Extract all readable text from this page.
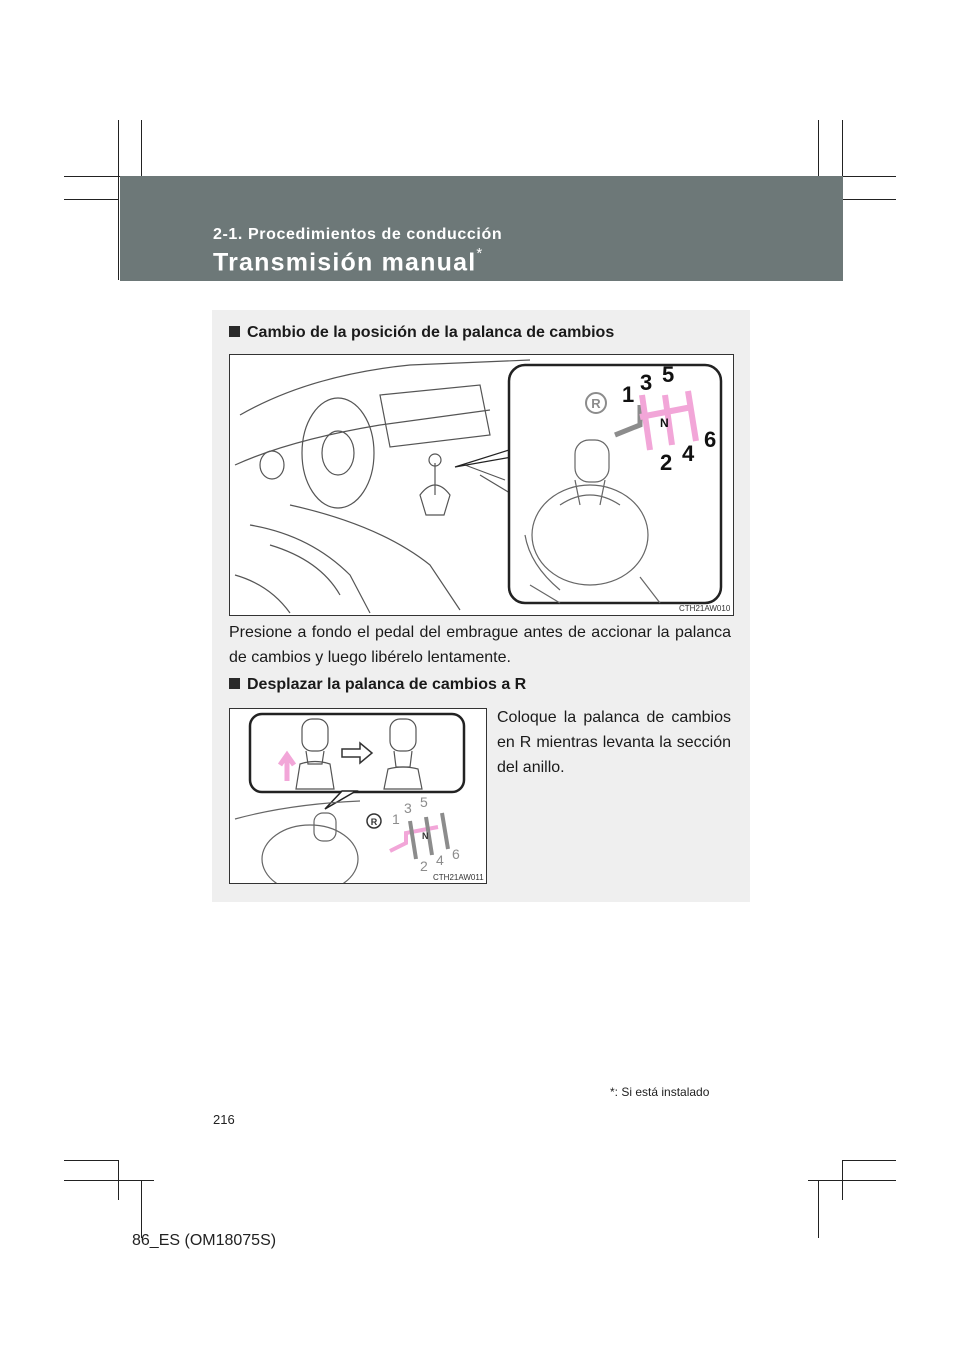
2-1. Procedimientos de conducción
Transmisión manual*
Cambio de la posición de la palanca de cambios
R 1 3 5
N
2 4
6
CTH21AW010
Presione a fondo el pedal del embrague antes de accionar la palanca de cambios y luego libérelo lentamente.
Desplazar la palanca de cambios a R
R 1
3 5
N
2 4 6
CTH21AW011
Coloque la palanca de cambios en R mientras levanta la sección del anillo.
*: Si está instalado
216
86_ES (OM18075S)
